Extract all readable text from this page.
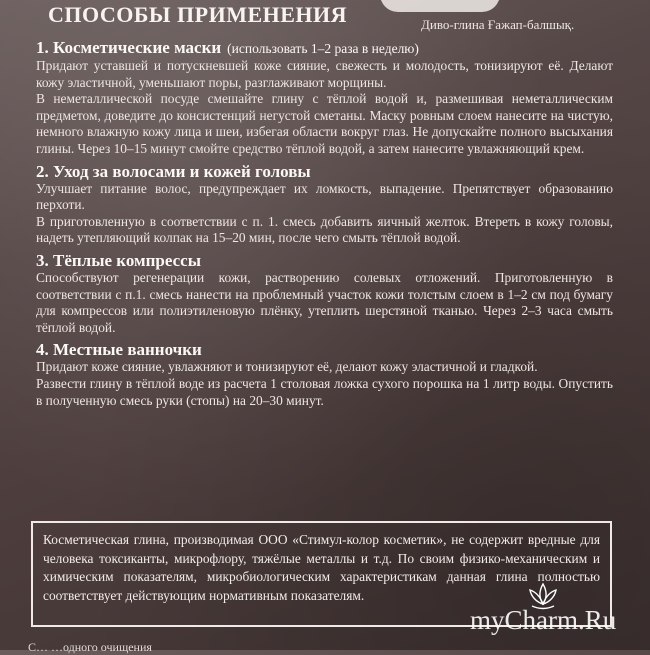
СПОСОБЫ ПРИМЕНЕНИЯ	Диво-глина Ғажап-балшық.

1. Косметические маски (использовать 1–2 раза в неделю)

Придают уставшей и потускневшей коже сияние, свежесть и молодость, тонизируют её. Делают кожу эластичной, уменьшают поры, разглаживают морщины.

В неметаллической посуде смешайте глину с тёплой водой и, размешивая неметаллическим предметом, доведите до консистенций негустой сметаны. Маску ровным слоем нанесите на чистую, немного влажную кожу лица и шеи, избегая области вокруг глаз. Не допускайте полного высыхания глины. Через 10–15 минут смойте средство тёплой водой, а затем нанесите увлажняющий крем.

2. Уход за волосами и кожей головы

Улучшает питание волос, предупреждает их ломкость, выпадение. Препятствует образованию перхоти.

В приготовленную в соответствии с п. 1. смесь добавить яичный желток. Втереть в кожу головы, надеть утепляющий колпак на 15–20 мин, после чего смыть тёплой водой.

3. Тёплые компрессы

Способствуют регенерации кожи, растворению солевых отложений. Приготовленную в соответствии с п.1. смесь нанести на проблемный участок кожи толстым слоем в 1–2 см под бумагу для компрессов или полиэтиленовую плёнку, утеплить шерстяной тканью. Через 2–3 часа смыть тёплой водой.

4. Местные ванночки

Придают коже сияние, увлажняют и тонизируют её, делают кожу эластичной и гладкой.

Развести глину в тёплой воде из расчета 1 столовая ложка сухого порошка на 1 литр воды. Опустить в полученную смесь руки (стопы) на 20–30 минут.

Косметическая глина, производимая ООО «Стимул-колор косметик», не содержит вредные для человека токсиканты, микрофлору, тяжёлые металлы и т.д. По своим физико-механическим и химическим показателям, микробиологическим характеристикам данная глина полностью соответствует действующим нормативным показателям.

С… …одного очищения
myCharm.Ru
